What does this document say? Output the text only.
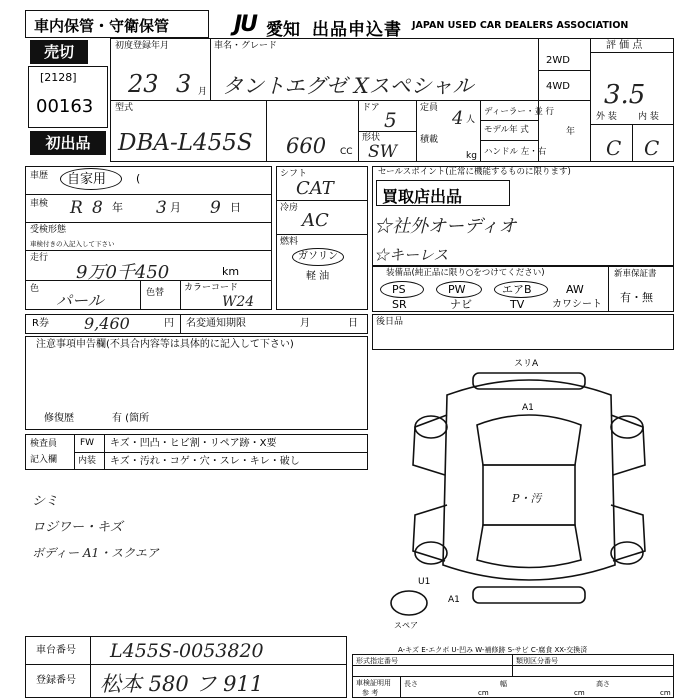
車内保管・守衛保管	JU 愛知 出品申込書 JAPAN USED CAR DEALERS ASSOCIATION
売切
[2128]
00163
初出品
初度登録年月
23 3 月
車名・グレード
タントエグゼ Xスペシャル
2WD
4WD
評 価 点
3.5
型式
DBA-L455S 660 CC
ドア 5
形状
SW
定員 4 人
積載
kg
ディーラー・並 行
モデル年 式	年
ハンドル 左・右
外 装 内 装
C C
車歴 自家用	(
車検 R 8 年 3 月 9 日
受検形態
車検付きの入記入して下さい
走行
9万0千450	km
色
パール	色替 カラーコード
W24
シフト
CAT
冷房
AC
燃料
ガソリン
軽 油
セールスポイント(正常に機能するものに限ります)
買取店出品
☆社外オーディオ
☆キーレス
装備品(純正品に限り○をつけてください)
PS	PW	エアB	AW
SR	ナビ	TV	カワシート
新車保証書
有・無
R券 9,460	円 名変通知期限	月	日 後日品
注意事項申告欄(不具合内容等は具体的に記入して下さい)
修復歴	有 (箇所
検査員
記入欄
FW キズ・凹凸・ヒビ割・リペア跡・X要
内装 キズ・汚れ・コゲ・穴・スレ・キレ・破し
シミ
ロジワー・キズ
ボディー A1・スクエア
スリA
A1
P・汚
U1
A1
スペア
車台番号 L455S-0053820
登録番号 松本 580 フ 911
A-キズ E-エクボ U-凹み W-補修跡 S-サビ C-腐食 XX-交換済
形式指定番号	類別区分番号
車検証明用
参 考
長さ
cm
幅
cm
高さ
cm
